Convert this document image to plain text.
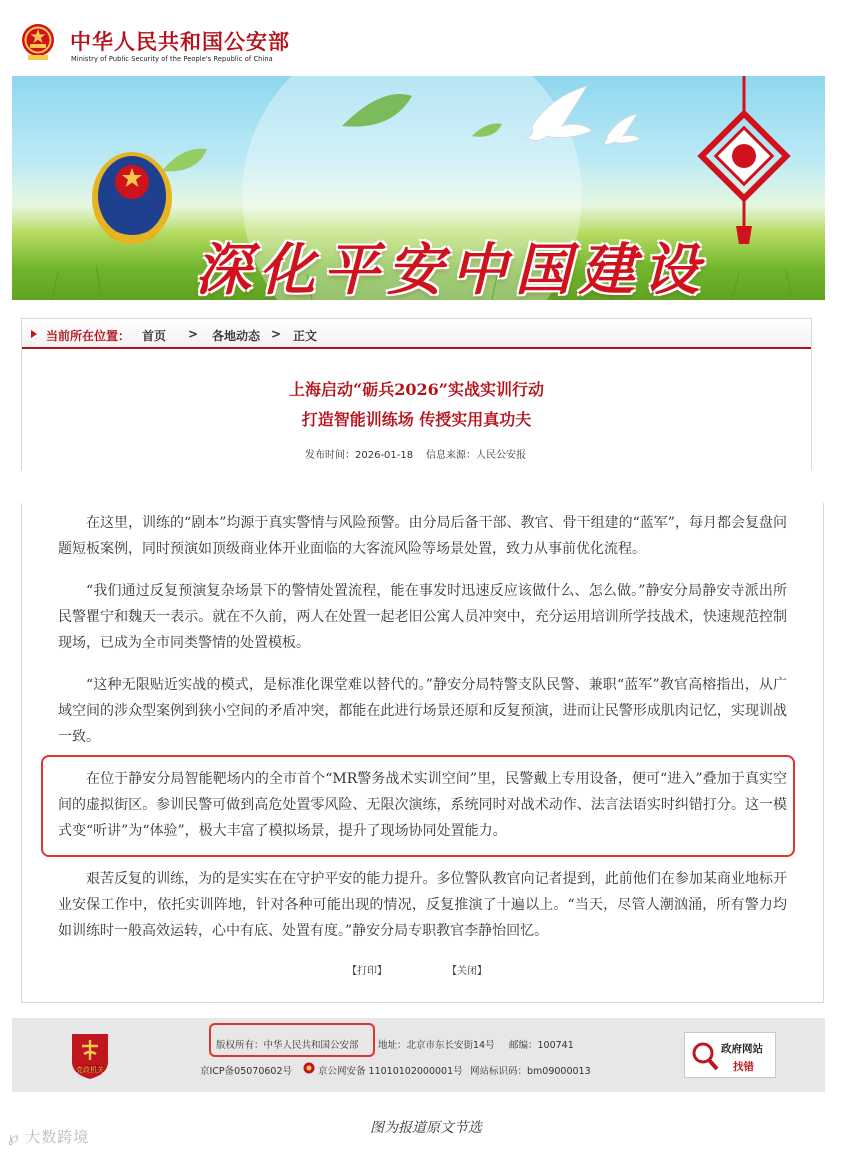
中华人民共和国公安部
Ministry of Public Security of the People's Republic of China
深化平安中国建设
当前所在位置： 首页 > 各地动态 > 正文
上海启动“砺兵2026”实战实训行动
打造智能训练场 传授实用真功夫
发布时间：2026-01-18 信息来源：人民公安报

在这里，训练的“剧本”均源于真实警情与风险预警。由分局后备干部、教官、骨干组建的“蓝军”，每月都会复盘问题短板案例，同时预演如顶级商业体开业面临的大客流风险等场景处置，致力从事前优化流程。

“我们通过反复预演复杂场景下的警情处置流程，能在事发时迅速反应该做什么、怎么做。”静安分局静安寺派出所民警瞿宁和魏天一表示。就在不久前，两人在处置一起老旧公寓人员冲突中，充分运用培训所学技战术，快速规范控制现场，已成为全市同类警情的处置模板。

“这种无限贴近实战的模式，是标准化课堂难以替代的。”静安分局特警支队民警、兼职“蓝军”教官高榕指出，从广域空间的涉众型案例到狭小空间的矛盾冲突，都能在此进行场景还原和反复预演，进而让民警形成肌肉记忆，实现训战一致。

在位于静安分局智能靶场内的全市首个“MR警务战术实训空间”里，民警戴上专用设备，便可“进入”叠加于真实空间的虚拟街区。参训民警可做到高危处置零风险、无限次演练，系统同时对战术动作、法言法语实时纠错打分。这一模式变“听讲”为“体验”，极大丰富了模拟场景，提升了现场协同处置能力。

艰苦反复的训练，为的是实实在在守护平安的能力提升。多位警队教官向记者提到，此前他们在参加某商业地标开业安保工作中，依托实训阵地，针对各种可能出现的情况，反复推演了十遍以上。“当天，尽管人潮汹涌，所有警力均如训练时一般高效运转，心中有底、处置有度。”静安分局专职教官李静怡回忆。

【打印】	【关闭】
党政机关
版权所有：中华人民共和国公安部 地址：北京市东长安街14号 邮编：100741
京ICP备05070602号	京公网安备 11010102000001号 网站标识码：bm09000013
政府网站
找错
图为报道原文节选
℘ 大数跨境
